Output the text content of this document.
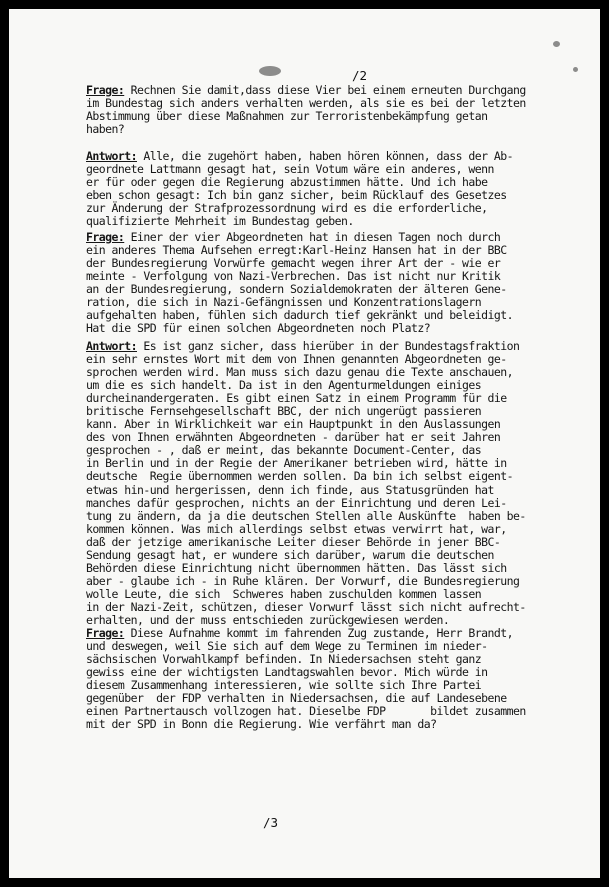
/2

Frage: Rechnen Sie damit,dass diese Vier bei einem erneuten Durchgang
im Bundestag sich anders verhalten werden, als sie es bei der letzten
Abstimmung über diese Maßnahmen zur Terroristenbekämpfung getan
haben?

Antwort: Alle, die zugehört haben, haben hören können, dass der Ab-
geordnete Lattmann gesagt hat, sein Votum wäre ein anderes, wenn
er für oder gegen die Regierung abzustimmen hätte. Und ich habe
eben schon gesagt: Ich bin ganz sicher, beim Rücklauf des Gesetzes
zur Änderung der Strafprozessordnung wird es die erforderliche,
qualifizierte Mehrheit im Bundestag geben.

Frage: Einer der vier Abgeordneten hat in diesen Tagen noch durch
ein anderes Thema Aufsehen erregt:Karl-Heinz Hansen hat in der BBC
der Bundesregierung Vorwürfe gemacht wegen ihrer Art der - wie er
meinte - Verfolgung von Nazi-Verbrechen. Das ist nicht nur Kritik
an der Bundesregierung, sondern Sozialdemokraten der älteren Gene-
ration, die sich in Nazi-Gefängnissen und Konzentrationslagern
aufgehalten haben, fühlen sich dadurch tief gekränkt und beleidigt.
Hat die SPD für einen solchen Abgeordneten noch Platz?

Antwort: Es ist ganz sicher, dass hierüber in der Bundestagsfraktion
ein sehr ernstes Wort mit dem von Ihnen genannten Abgeordneten ge-
sprochen werden wird. Man muss sich dazu genau die Texte anschauen,
um die es sich handelt. Da ist in den Agenturmeldungen einiges
durcheinandergeraten. Es gibt einen Satz in einem Programm für die
britische Fernsehgesellschaft BBC, der nich ungerügt passieren
kann. Aber in Wirklichkeit war ein Hauptpunkt in den Auslassungen
des von Ihnen erwähnten Abgeordneten - darüber hat er seit Jahren
gesprochen - , daß er meint, das bekannte Document-Center, das
in Berlin und in der Regie der Amerikaner betrieben wird, hätte in
deutsche  Regie übernommen werden sollen. Da bin ich selbst eigent-
etwas hin-und hergerissen, denn ich finde, aus Statusgründen hat
manches dafür gesprochen, nichts an der Einrichtung und deren Lei-
tung zu ändern, da ja die deutschen Stellen alle Auskünfte  haben be-
kommen können. Was mich allerdings selbst etwas verwirrt hat, war,
daß der jetzige amerikanische Leiter dieser Behörde in jener BBC-
Sendung gesagt hat, er wundere sich darüber, warum die deutschen
Behörden diese Einrichtung nicht übernommen hätten. Das lässt sich
aber - glaube ich - in Ruhe klären. Der Vorwurf, die Bundesregierung
wolle Leute, die sich  Schweres haben zuschulden kommen lassen
in der Nazi-Zeit, schützen, dieser Vorwurf lässt sich nicht aufrecht-
erhalten, und der muss entschieden zurückgewiesen werden.

Frage: Diese Aufnahme kommt im fahrenden Zug zustande, Herr Brandt,
und deswegen, weil Sie sich auf dem Wege zu Terminen im nieder-
sächsischen Vorwahlkampf befinden. In Niedersachsen steht ganz
gewiss eine der wichtigsten Landtagswahlen bevor. Mich würde in
diesem Zusammenhang interessieren, wie sollte sich Ihre Partei
gegenüber  der FDP verhalten in Niedersachsen, die auf Landesebene
einen Partnertausch vollzogen hat. Dieselbe FDP       bildet zusammen
mit der SPD in Bonn die Regierung. Wie verfährt man da?

/3
